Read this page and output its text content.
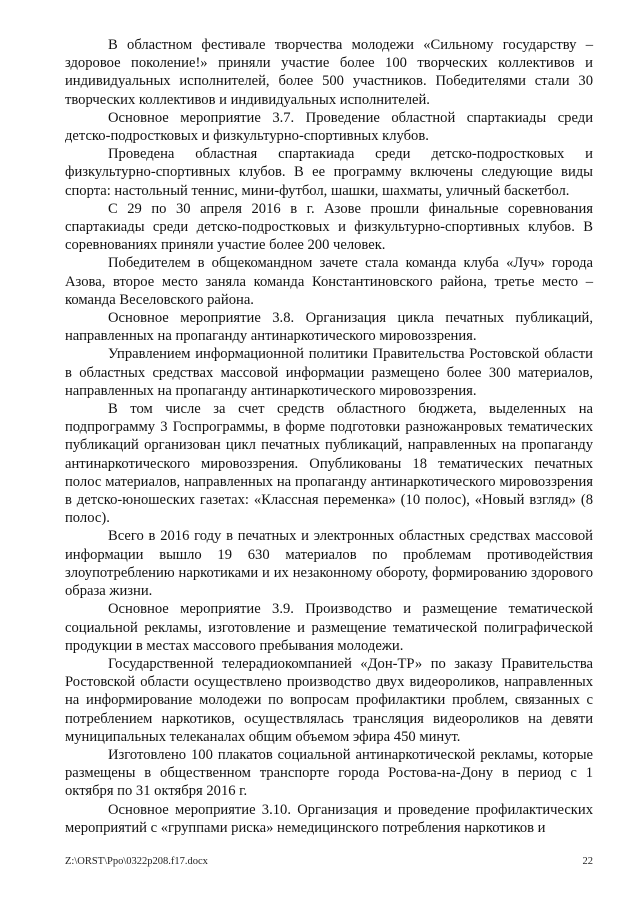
В областном фестивале творчества молодежи «Сильному государству – здоровое поколение!» приняли участие более 100 творческих коллективов и индивидуальных исполнителей, более 500 участников. Победителями стали 30 творческих коллективов и индивидуальных исполнителей.

Основное мероприятие 3.7. Проведение областной спартакиады среди детско-подростковых и физкультурно-спортивных клубов.

Проведена областная спартакиада среди детско-подростковых и физкультурно-спортивных клубов. В ее программу включены следующие виды спорта: настольный теннис, мини-футбол, шашки, шахматы, уличный баскетбол.

С 29 по 30 апреля 2016 в г. Азове прошли финальные соревнования спартакиады среди детско-подростковых и физкультурно-спортивных клубов. В соревнованиях приняли участие более 200 человек.

Победителем в общекомандном зачете стала команда клуба «Луч» города Азова, второе место заняла команда Константиновского района, третье место – команда Веселовского района.

Основное мероприятие 3.8. Организация цикла печатных публикаций, направленных на пропаганду антинаркотического мировоззрения.

Управлением информационной политики Правительства Ростовской области в областных средствах массовой информации размещено более 300 материалов, направленных на пропаганду антинаркотического мировоззрения.

В том числе за счет средств областного бюджета, выделенных на подпрограмму 3 Госпрограммы, в форме подготовки разножанровых тематических публикаций организован цикл печатных публикаций, направленных на пропаганду антинаркотического мировоззрения. Опубликованы 18 тематических печатных полос материалов, направленных на пропаганду антинаркотического мировоззрения в детско-юношеских газетах: «Классная переменка» (10 полос), «Новый взгляд» (8 полос).

Всего в 2016 году в печатных и электронных областных средствах массовой информации вышло 19 630 материалов по проблемам противодействия злоупотреблению наркотиками и их незаконному обороту, формированию здорового образа жизни.

Основное мероприятие 3.9. Производство и размещение тематической социальной рекламы, изготовление и размещение тематической полиграфической продукции в местах массового пребывания молодежи.

Государственной телерадиокомпанией «Дон-ТР» по заказу Правительства Ростовской области осуществлено производство двух видеороликов, направленных на информирование молодежи по вопросам профилактики проблем, связанных с потреблением наркотиков, осуществлялась трансляция видеороликов на девяти муниципальных телеканалах общим объемом эфира 450 минут.

Изготовлено 100 плакатов социальной антинаркотической рекламы, которые размещены в общественном транспорте города Ростова-на-Дону в период с 1 октября по 31 октября 2016 г.

Основное мероприятие 3.10. Организация и проведение профилактических мероприятий с «группами риска» немедицинского потребления наркотиков и

Z:\ORST\Ppo\0322p208.f17.docx	22
